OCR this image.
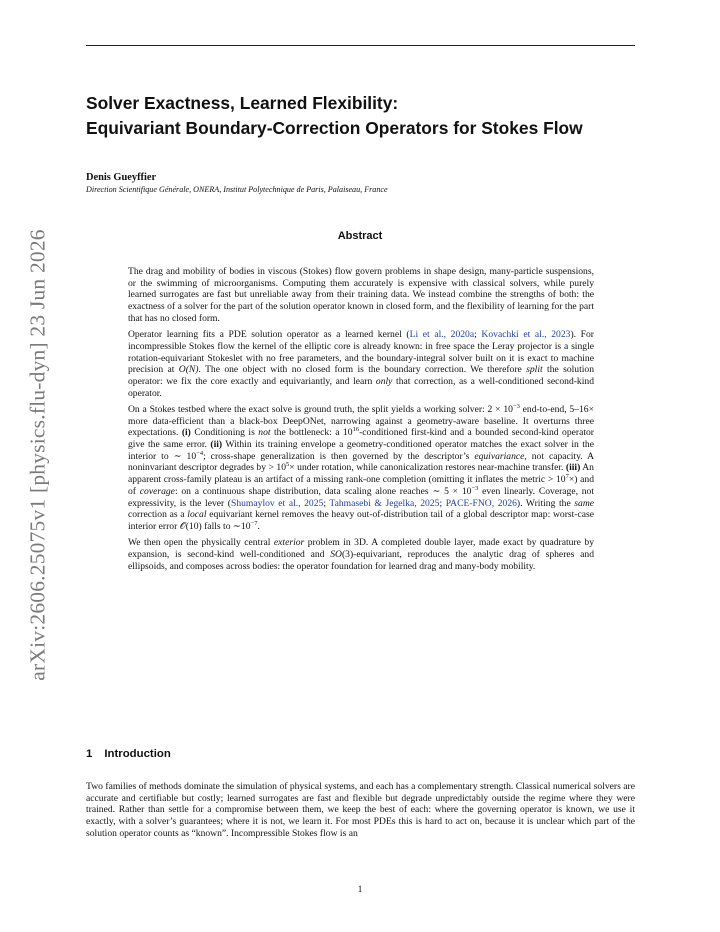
arXiv:2606.25075v1 [physics.flu-dyn] 23 Jun 2026
Solver Exactness, Learned Flexibility:
Equivariant Boundary-Correction Operators for Stokes Flow
Denis Gueyffier
Direction Scientifique Générale, ONERA, Institut Polytechnique de Paris, Palaiseau, France
Abstract

The drag and mobility of bodies in viscous (Stokes) flow govern problems in shape design, many-particle suspensions, or the swimming of microorganisms. Computing them accurately is expensive with classical solvers, while purely learned surrogates are fast but unreliable away from their training data. We instead combine the strengths of both: the exactness of a solver for the part of the solution operator known in closed form, and the flexibility of learning for the part that has no closed form.

Operator learning fits a PDE solution operator as a learned kernel (Li et al., 2020a; Kovachki et al., 2023). For incompressible Stokes flow the kernel of the elliptic core is already known: in free space the Leray projector is a single rotation-equivariant Stokeslet with no free parameters, and the boundary-integral solver built on it is exact to machine precision at O(N). The one object with no closed form is the boundary correction. We therefore split the solution operator: we fix the core exactly and equivariantly, and learn only that correction, as a well-conditioned second-kind operator.

On a Stokes testbed where the exact solve is ground truth, the split yields a working solver: $2 \times 10^{-3}$ end-to-end, 5–16× more data-efficient than a black-box DeepONet, narrowing against a geometry-aware baseline. It overturns three expectations. (i) Conditioning is not the bottleneck: a $10^{16}$-conditioned first-kind and a bounded second-kind operator give the same error. (ii) Within its training envelope a geometry-conditioned operator matches the exact solver in the interior to ∼ $10^{-4}$; cross-shape generalization is then governed by the descriptor’s equivariance, not capacity. A noninvariant descriptor degrades by > $10^5\times$ under rotation, while canonicalization restores near-machine transfer. (iii) An apparent cross-family plateau is an artifact of a missing rank-one completion (omitting it inflates the metric > $10^7\times$) and of coverage: on a continuous shape distribution, data scaling alone reaches ∼ $5 \times 10^{-3}$ even linearly. Coverage, not expressivity, is the lever (Shumaylov et al., 2025; Tahmasebi & Jegelka, 2025; PACE-FNO, 2026). Writing the same correction as a local equivariant kernel removes the heavy out-of-distribution tail of a global descriptor map: worst-case interior error 𝒪(10) falls to $\sim 10^{-7}$.

We then open the physically central exterior problem in 3D. A completed double layer, made exact by quadrature by expansion, is second-kind well-conditioned and SO(3)-equivariant, reproduces the analytic drag of spheres and ellipsoids, and composes across bodies: the operator foundation for learned drag and many-body mobility.

1 Introduction

Two families of methods dominate the simulation of physical systems, and each has a complementary strength. Classical numerical solvers are accurate and certifiable but costly; learned surrogates are fast and flexible but degrade unpredictably outside the regime where they were trained. Rather than settle for a compromise between them, we keep the best of each: where the governing operator is known, we use it exactly, with a solver’s guarantees; where it is not, we learn it. For most PDEs this is hard to act on, because it is unclear which part of the solution operator counts as “known”. Incompressible Stokes flow is an

1
